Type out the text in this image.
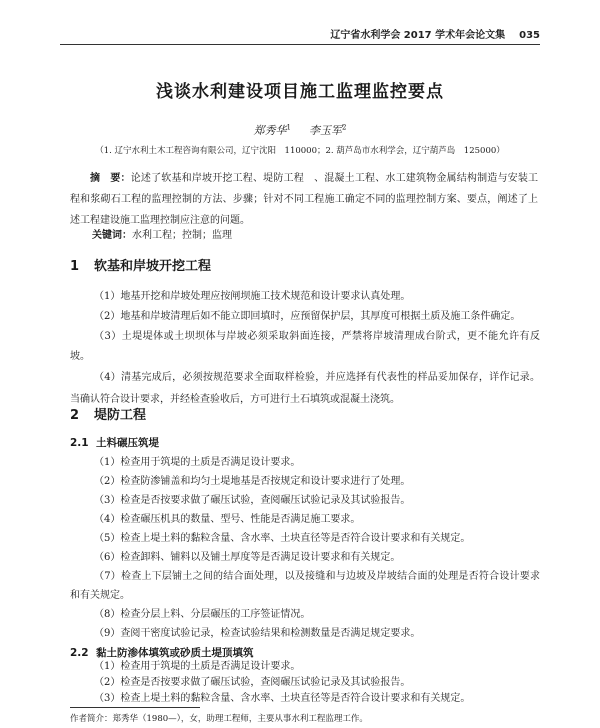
辽宁省水利学会 2017 学术年会论文集 035
浅谈水利建设项目施工监理监控要点
郑秀华$^1$ 李玉军$^2$
（1. 辽宁水利土木工程咨询有限公司，辽宁沈阳　110000；2. 葫芦岛市水利学会，辽宁葫芦岛　125000）
摘　要：论述了软基和岸坡开挖工程、堤防工程　、混凝土工程、水工建筑物金属结构制造与安装工程和浆砌石工程的监理控制的方法、步骤；针对不同工程施工确定不同的监理控制方案、要点，阐述了上述工程建设施工监理控制应注意的问题。
关键词：水利工程；控制；监理
1 软基和岸坡开挖工程
（1）地基开挖和岸坡处理应按闸坝施工技术规范和设计要求认真处理。
（2）地基和岸坡清理后如不能立即回填时，应预留保护层，其厚度可根据土质及施工条件确定。
（3）土堤堤体或土坝坝体与岸坡必须采取斜面连接，严禁将岸坡清理成台阶式，更不能允许有反坡。
（4）清基完成后，必须按规范要求全面取样检验，并应选择有代表性的样品妥加保存，详作记录。当确认符合设计要求，并经检查验收后，方可进行土石填筑或混凝土浇筑。
2 堤防工程
2.1 土料碾压筑堤
（1）检查用于筑堤的土质是否满足设计要求。
（2）检查防渗铺盖和均匀土堤地基是否按规定和设计要求进行了处理。
（3）检查是否按要求做了碾压试验，查阅碾压试验记录及其试验报告。
（4）检查碾压机具的数量、型号、性能是否满足施工要求。
（5）检查上堤土料的黏粒含量、含水率、土块直径等是否符合设计要求和有关规定。
（6）检查卸料、铺料以及铺土厚度等是否满足设计要求和有关规定。
（7）检查上下层铺土之间的结合面处理，以及接缝和与边坡及岸坡结合面的处理是否符合设计要求和有关规定。
（8）检查分层上料、分层碾压的工序签证情况。
（9）查阅干密度试验记录，检查试验结果和检测数量是否满足规定要求。
2.2 黏土防渗体填筑或砂质土堤顶填筑
（1）检查用于筑堤的土质是否满足设计要求。
（2）检查是否按要求做了碾压试验，查阅碾压试验记录及其试验报告。
（3）检查上堤土料的黏粒含量、含水率、土块直径等是否符合设计要求和有关规定。
作者简介：郑秀华（1980—），女，助理工程师，主要从事水利工程监理工作。
